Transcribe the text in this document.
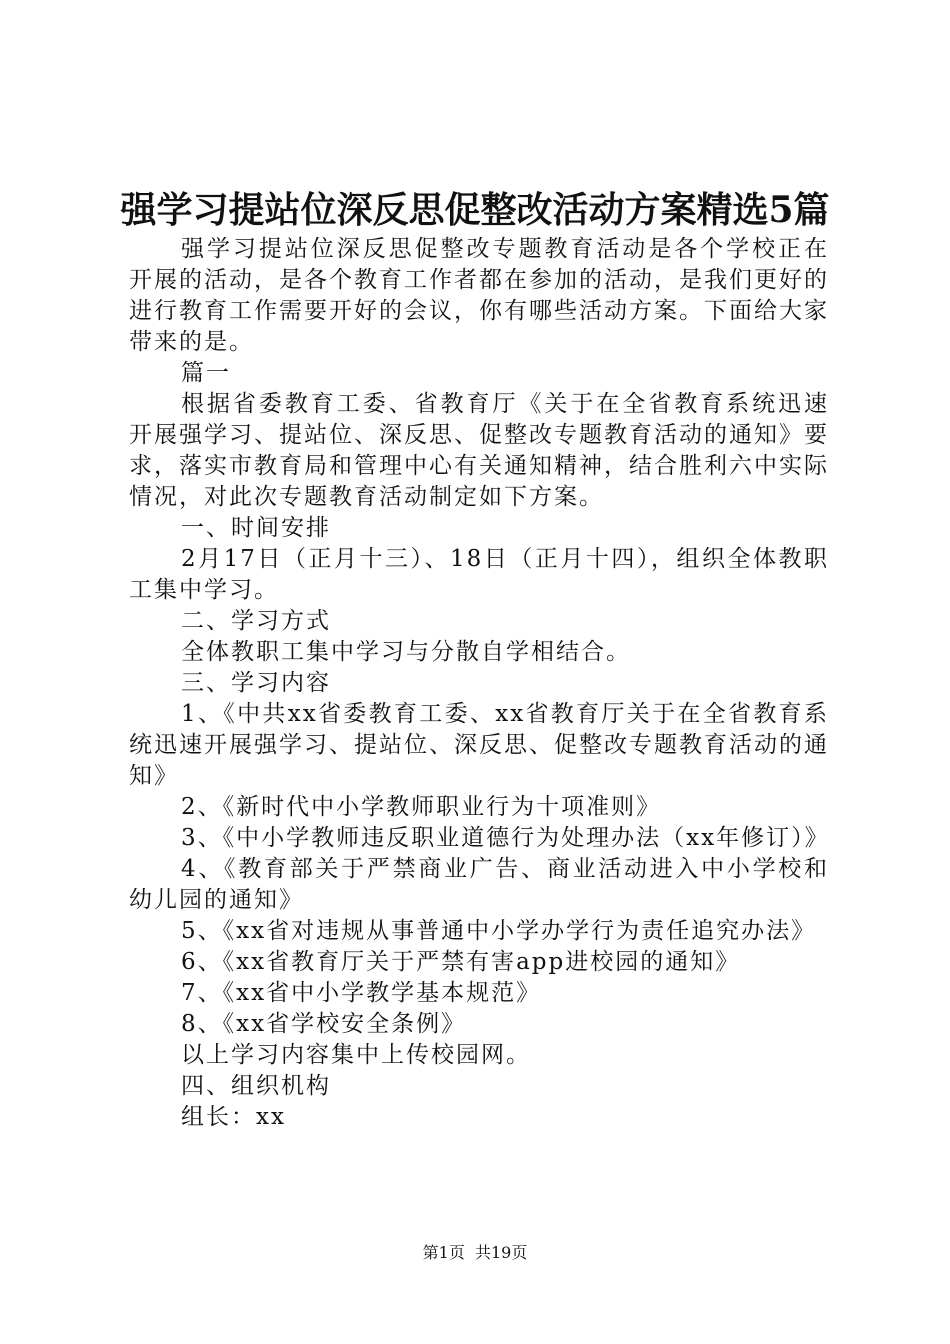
强学习提站位深反思促整改活动方案精选5篇

强学习提站位深反思促整改专题教育活动是各个学校正在开展的活动，是各个教育工作者都在参加的活动，是我们更好的进行教育工作需要开好的会议，你有哪些活动方案。下面给大家带来的是。

篇一

根据省委教育工委、省教育厅《关于在全省教育系统迅速开展强学习、提站位、深反思、促整改专题教育活动的通知》要求，落实市教育局和管理中心有关通知精神，结合胜利六中实际情况，对此次专题教育活动制定如下方案。

一、时间安排

2月17日（正月十三）、18日（正月十四），组织全体教职工集中学习。

二、学习方式

全体教职工集中学习与分散自学相结合。

三、学习内容

1、《中共xx省委教育工委、xx省教育厅关于在全省教育系统迅速开展强学习、提站位、深反思、促整改专题教育活动的通知》

2、《新时代中小学教师职业行为十项准则》

3、《中小学教师违反职业道德行为处理办法（xx年修订）》

4、《教育部关于严禁商业广告、商业活动进入中小学校和幼儿园的通知》

5、《xx省对违规从事普通中小学办学行为责任追究办法》

6、《xx省教育厅关于严禁有害app进校园的通知》

7、《xx省中小学教学基本规范》

8、《xx省学校安全条例》

以上学习内容集中上传校园网。

四、组织机构

组长：xx

第1页  共19页
